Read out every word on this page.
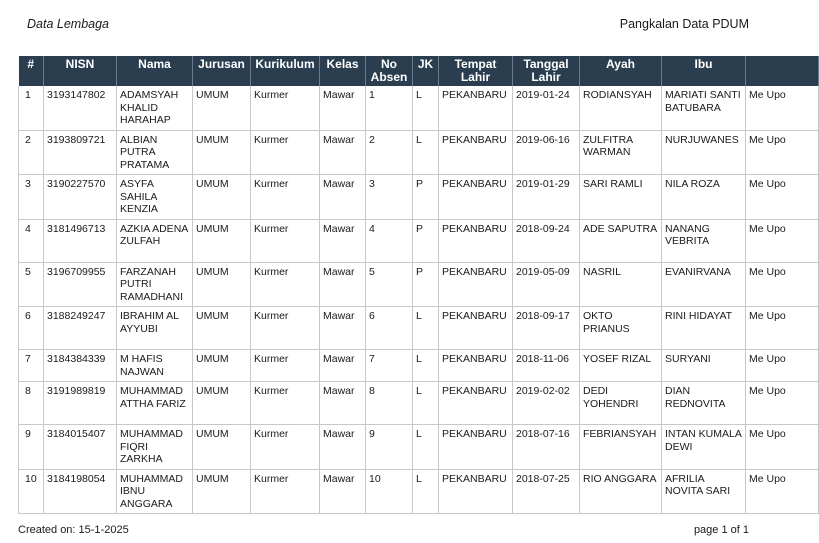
Data Lembaga	Pangkalan Data PDUM
#	NISN	Nama	Jurusan	Kurikulum	Kelas	No Absen	JK	Tempat Lahir	Tanggal Lahir	Ayah	Ibu	
1	3193147802	ADAMSYAH KHALID HARAHAP	UMUM	Kurmer	Mawar	1	L	PEKANBARU	2019-01-24	RODIANSYAH	MARIATI SANTI BATUBARA	Me Upo
2	3193809721	ALBIAN PUTRA PRATAMA	UMUM	Kurmer	Mawar	2	L	PEKANBARU	2019-06-16	ZULFITRA WARMAN	NURJUWANES	Me Upo
3	3190227570	ASYFA SAHILA KENZIA	UMUM	Kurmer	Mawar	3	P	PEKANBARU	2019-01-29	SARI RAMLI	NILA ROZA	Me Upo
4	3181496713	AZKIA ADENA ZULFAH	UMUM	Kurmer	Mawar	4	P	PEKANBARU	2018-09-24	ADE SAPUTRA	NANANG VEBRITA	Me Upo
5	3196709955	FARZANAH PUTRI RAMADHANI	UMUM	Kurmer	Mawar	5	P	PEKANBARU	2019-05-09	NASRIL	EVANIRVANA	Me Upo
6	3188249247	IBRAHIM AL AYYUBI	UMUM	Kurmer	Mawar	6	L	PEKANBARU	2018-09-17	OKTO PRIANUS	RINI HIDAYAT	Me Upo
7	3184384339	M HAFIS NAJWAN	UMUM	Kurmer	Mawar	7	L	PEKANBARU	2018-11-06	YOSEF RIZAL	SURYANI	Me Upo
8	3191989819	MUHAMMAD ATTHA FARIZ	UMUM	Kurmer	Mawar	8	L	PEKANBARU	2019-02-02	DEDI YOHENDRI	DIAN REDNOVITA	Me Upo
9	3184015407	MUHAMMAD FIQRI ZARKHA	UMUM	Kurmer	Mawar	9	L	PEKANBARU	2018-07-16	FEBRIANSYAH	INTAN KUMALA DEWI	Me Upo
10	3184198054	MUHAMMAD IBNU ANGGARA	UMUM	Kurmer	Mawar	10	L	PEKANBARU	2018-07-25	RIO ANGGARA	AFRILIA NOVITA SARI	Me Upo
Created on: 15-1-2025	page 1 of 1
